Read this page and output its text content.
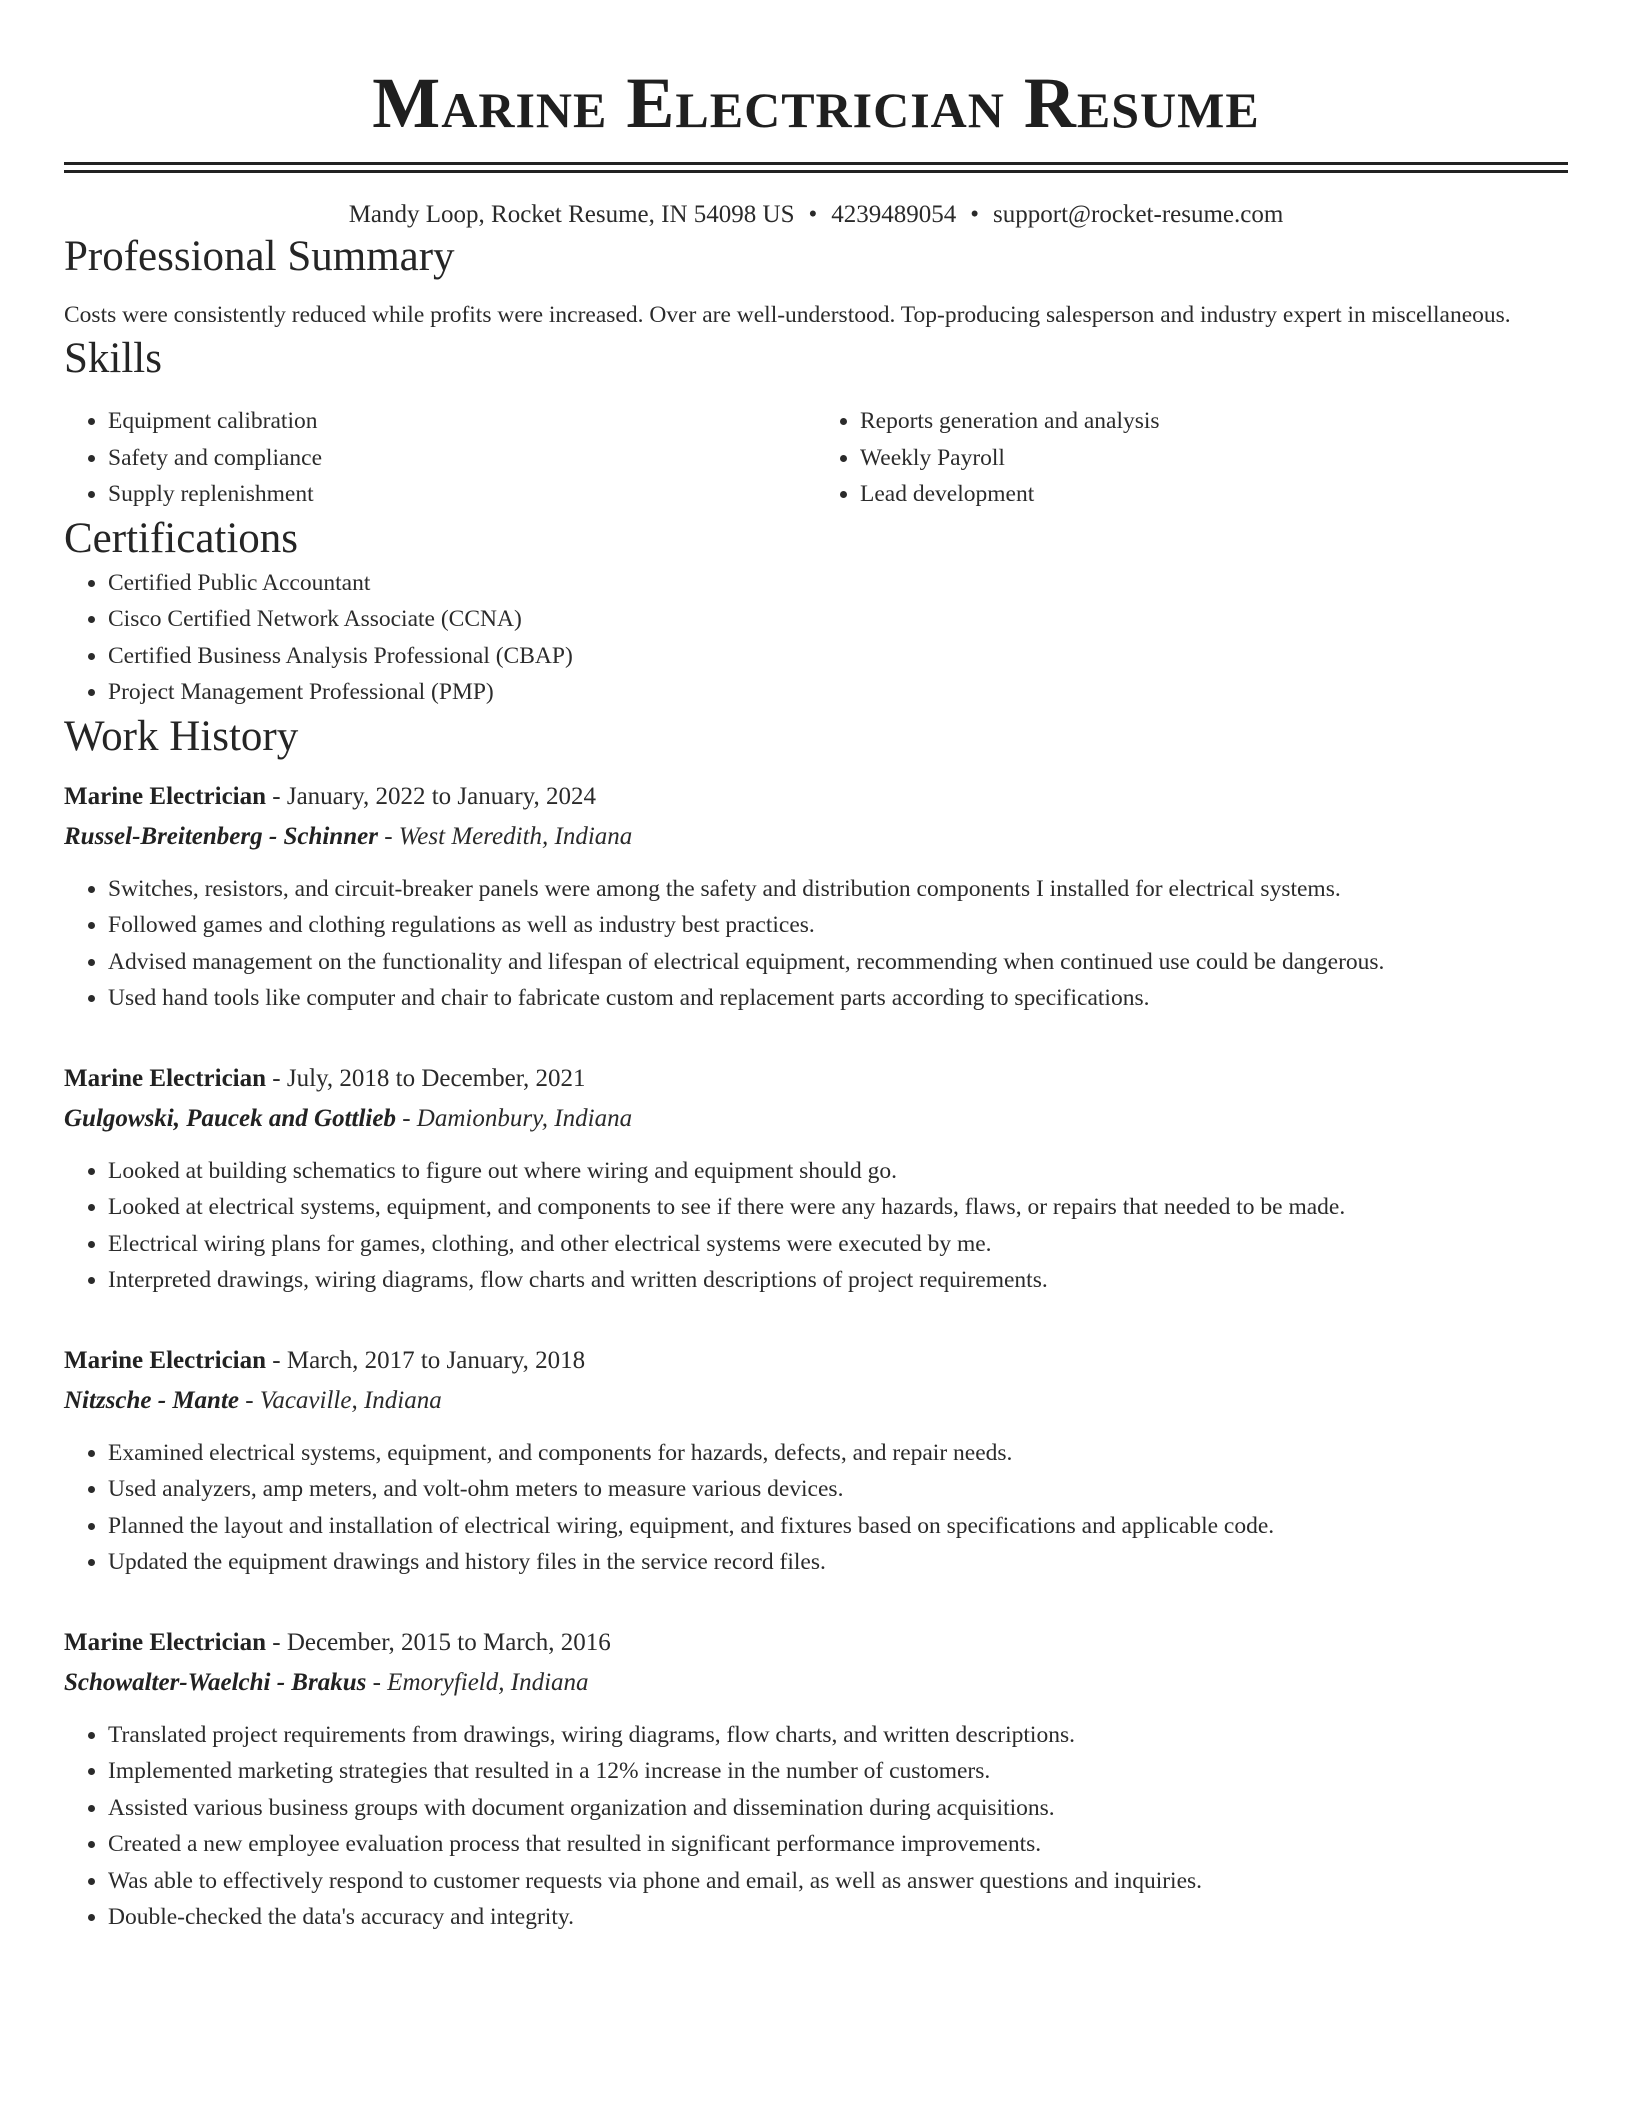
Marine Electrician Resume
Mandy Loop, Rocket Resume, IN 54098 US • 4239489054 • support@rocket-resume.com
Professional Summary

Costs were consistently reduced while profits were increased. Over are well-understood. Top-producing salesperson and industry expert in miscellaneous.

Skills
• Equipment calibration
• Safety and compliance
• Supply replenishment
• Reports generation and analysis
• Weekly Payroll
• Lead development
Certifications
• Certified Public Accountant
• Cisco Certified Network Associate (CCNA)
• Certified Business Analysis Professional (CBAP)
• Project Management Professional (PMP)
Work History
Marine Electrician - January, 2022 to January, 2024
Russel-Breitenberg - Schinner - West Meredith, Indiana
• Switches, resistors, and circuit-breaker panels were among the safety and distribution components I installed for electrical systems.
• Followed games and clothing regulations as well as industry best practices.
• Advised management on the functionality and lifespan of electrical equipment, recommending when continued use could be dangerous.
• Used hand tools like computer and chair to fabricate custom and replacement parts according to specifications.
Marine Electrician - July, 2018 to December, 2021
Gulgowski, Paucek and Gottlieb - Damionbury, Indiana
• Looked at building schematics to figure out where wiring and equipment should go.
• Looked at electrical systems, equipment, and components to see if there were any hazards, flaws, or repairs that needed to be made.
• Electrical wiring plans for games, clothing, and other electrical systems were executed by me.
• Interpreted drawings, wiring diagrams, flow charts and written descriptions of project requirements.
Marine Electrician - March, 2017 to January, 2018
Nitzsche - Mante - Vacaville, Indiana
• Examined electrical systems, equipment, and components for hazards, defects, and repair needs.
• Used analyzers, amp meters, and volt-ohm meters to measure various devices.
• Planned the layout and installation of electrical wiring, equipment, and fixtures based on specifications and applicable code.
• Updated the equipment drawings and history files in the service record files.
Marine Electrician - December, 2015 to March, 2016
Schowalter-Waelchi - Brakus - Emoryfield, Indiana
• Translated project requirements from drawings, wiring diagrams, flow charts, and written descriptions.
• Implemented marketing strategies that resulted in a 12% increase in the number of customers.
• Assisted various business groups with document organization and dissemination during acquisitions.
• Created a new employee evaluation process that resulted in significant performance improvements.
• Was able to effectively respond to customer requests via phone and email, as well as answer questions and inquiries.
• Double-checked the data's accuracy and integrity.
